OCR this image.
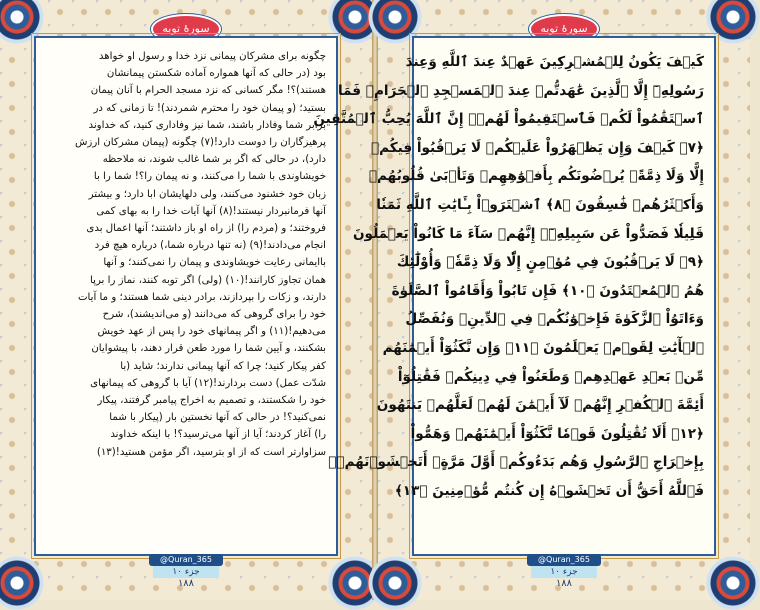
سورهٔ توبه
چگونه برای مشرکان پیمانی نزد خدا و رسول او خواهد
بود (در حالی که آنها همواره آماده شکستن پیمانشان
هستند)؟! مگر کسانی که نزد مسجد الحرام با آنان پیمان
بستید؛ (و پیمان خود را محترم شمردند)! تا زمانی که در
برابر شما وفادار باشند، شما نیز وفاداری کنید، که خداوند
پرهیزگاران را دوست دارد!(۷) چگونه (پیمان مشرکان ارزش
دارد)، در حالی که اگر بر شما غالب شوند، نه ملاحظه
خویشاوندی با شما را می‌کنند، و نه پیمان را؟! شما را با
زبان خود خشنود می‌کنند، ولی دلهایشان ابا دارد؛ و بیشتر
آنها فرمانبردار نیستند!(۸) آنها آیات خدا را به بهای کمی
فروختند؛ و (مردم را) از راه او باز داشتند؛ آنها اعمال بدی
انجام می‌دادند!(۹) (نه تنها درباره شما،) درباره هیچ فرد
باایمانی رعایت خویشاوندی و پیمان را نمی‌کنند؛ و آنها
همان تجاوز کارانند!(۱۰) (ولی) اگر توبه کنند، نماز را برپا
دارند، و زکات را بپردازند، برادر دینی شما هستند؛ و ما آیات
خود را برای گروهی که می‌دانند (و می‌اندیشند)، شرح
می‌دهیم!(۱۱) و اگر پیمانهای خود را پس از عهد خویش
بشکنند، و آیین شما را مورد طعن قرار دهند، با پیشوایان
کفر پیکار کنید؛ چرا که آنها پیمانی ندارند؛ شاید (با
شدّت عمل) دست بردارند!(۱۲) آیا با گروهی که پیمانهای
خود را شکستند، و تصمیم به اخراج پیامبر گرفتند، پیکار
نمی‌کنید؟! در حالی که آنها نخستین بار (پیکار با شما
را) آغاز کردند؛ آیا از آنها می‌ترسید؟! با اینکه خداوند
سزاوارتر است که از او بترسید، اگر مؤمن هستید!(۱۳)
@Quran_365
جزء ۱۰
۱۸۸
سورهٔ توبه
كَيۡفَ يَكُونُ لِلۡمُشۡرِكِينَ عَهۡدٌ عِندَ ٱللَّهِ وَعِندَ
رَسُولِهِۦٓ إِلَّا ٱلَّذِينَ عَٰهَدتُّمۡ عِندَ ٱلۡمَسۡجِدِ ٱلۡحَرَامِۖ فَمَا
ٱسۡتَقَٰمُواْ لَكُمۡ فَٱسۡتَقِيمُواْ لَهُمۡۚ إِنَّ ٱللَّهَ يُحِبُّ ٱلۡمُتَّقِينَ
﴿٧﴾ كَيۡفَ وَإِن يَظۡهَرُواْ عَلَيۡكُمۡ لَا يَرۡقُبُواْ فِيكُمۡ
إِلًّا وَلَا ذِمَّةًۚ يُرۡضُونَكُم بِأَفۡوَٰهِهِمۡ وَتَأۡبَىٰ قُلُوبُهُمۡ
وَأَكۡثَرُهُمۡ فَٰسِقُونَ ﴿٨﴾ ٱشۡتَرَوۡاْ بِـَٔايَٰتِ ٱللَّهِ ثَمَنٗا
قَلِيلٗا فَصَدُّواْ عَن سَبِيلِهِۦٓۚ إِنَّهُمۡ سَآءَ مَا كَانُواْ يَعۡمَلُونَ
﴿٩﴾ لَا يَرۡقُبُونَ فِي مُؤۡمِنٍ إِلّٗا وَلَا ذِمَّةٗۚ وَأُوْلَٰٓئِكَ
هُمُ ٱلۡمُعۡتَدُونَ ﴿١٠﴾ فَإِن تَابُواْ وَأَقَامُواْ ٱلصَّلَوٰةَ
وَءَاتَوُاْ ٱلزَّكَوٰةَ فَإِخۡوَٰنُكُمۡ فِي ٱلدِّينِۗ وَنُفَصِّلُ
ٱلۡأٓيَٰتِ لِقَوۡمٖ يَعۡلَمُونَ ﴿١١﴾ وَإِن نَّكَثُوٓاْ أَيۡمَٰنَهُم
مِّنۢ بَعۡدِ عَهۡدِهِمۡ وَطَعَنُواْ فِي دِينِكُمۡ فَقَٰتِلُوٓاْ
أَئِمَّةَ ٱلۡكُفۡرِ إِنَّهُمۡ لَآ أَيۡمَٰنَ لَهُمۡ لَعَلَّهُمۡ يَنتَهُونَ
﴿١٢﴾ أَلَا تُقَٰتِلُونَ قَوۡمٗا نَّكَثُوٓاْ أَيۡمَٰنَهُمۡ وَهَمُّواْ
بِإِخۡرَاجِ ٱلرَّسُولِ وَهُم بَدَءُوكُمۡ أَوَّلَ مَرَّةٍۚ أَتَخۡشَوۡنَهُمۡۚ
فَٱللَّهُ أَحَقُّ أَن تَخۡشَوۡهُ إِن كُنتُم مُّؤۡمِنِينَ ﴿١٣﴾
@Quran_365
جزء ۱۰
۱۸۸
